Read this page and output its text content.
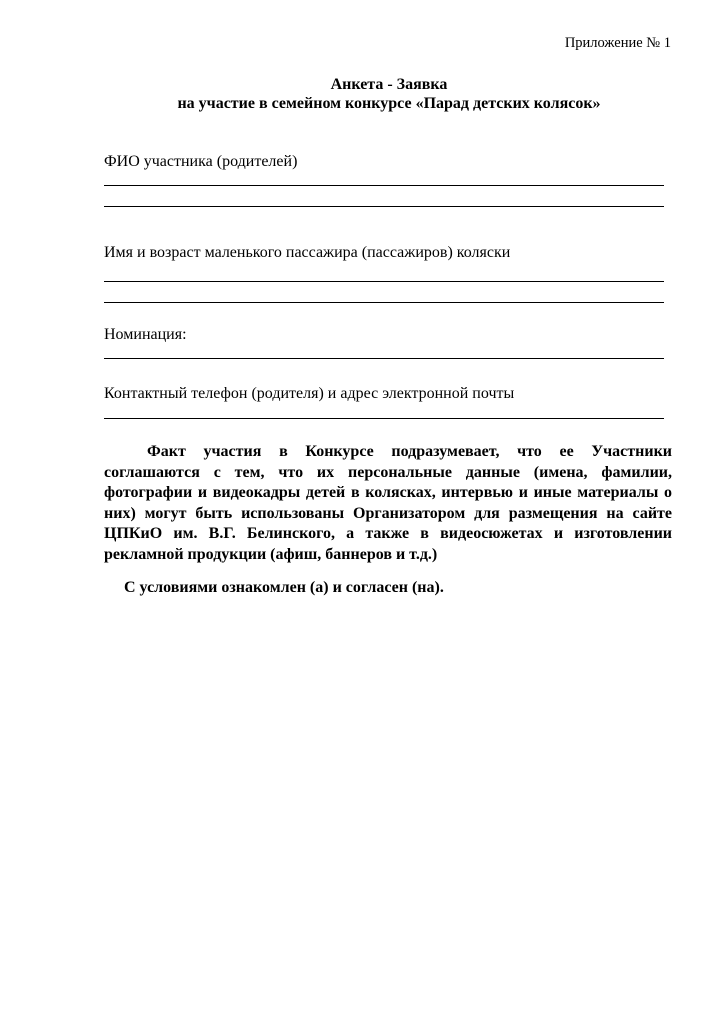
Приложение № 1
Анкета - Заявка
на участие в семейном конкурсе «Парад детских колясок»
ФИО участника (родителей)
Имя и возраст маленького пассажира (пассажиров) коляски
Номинация:
Контактный телефон (родителя) и адрес электронной почты

Факт участия в Конкурсе подразумевает, что ее Участники соглашаются с тем, что их персональные данные (имена, фамилии, фотографии и видеокадры детей в колясках, интервью и иные материалы о них) могут быть использованы Организатором для размещения на сайте ЦПКиО им. В.Г. Белинского, а также в видеосюжетах и изготовлении рекламной продукции (афиш, баннеров и т.д.)

С условиями ознакомлен (а) и согласен (на).
